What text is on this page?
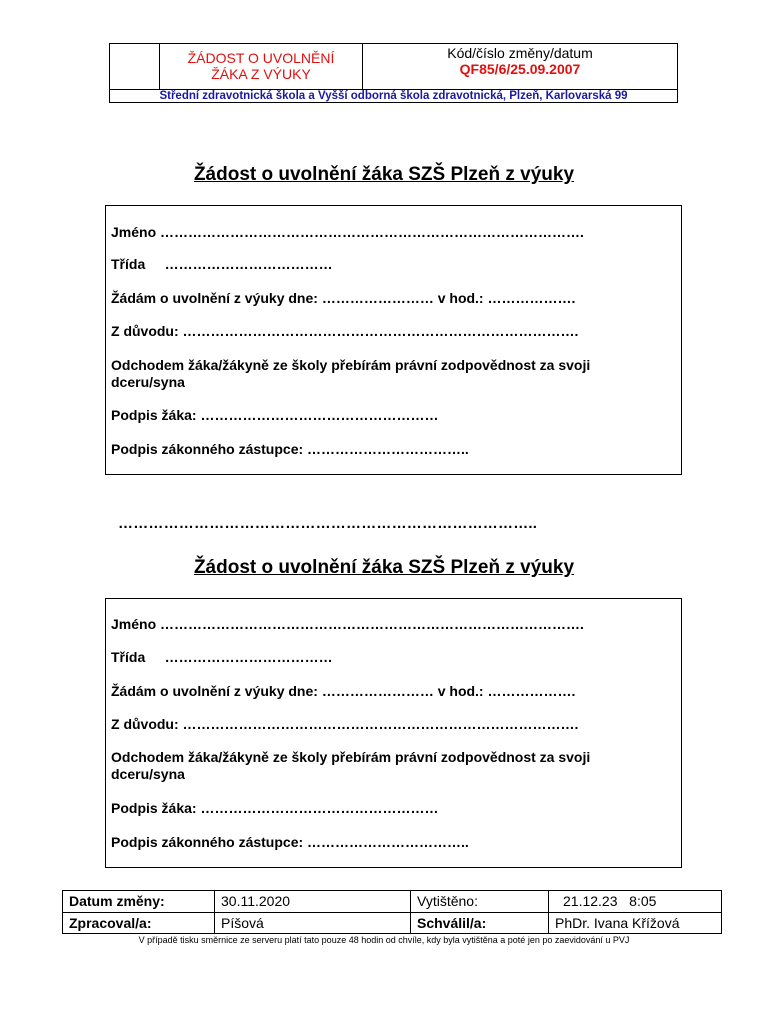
ŽÁDOST O UVOLNĚNÍ
ŽÁKA Z VÝUKY
Kód/číslo změny/datum
QF85/6/25.09.2007
Střední zdravotnická škola a Vyšší odborná škola zdravotnická, Plzeň, Karlovarská 99
Žádost o uvolnění žáka SZŠ Plzeň z výuky
Jméno ……………………………………………………………………………….
Třída     ………………………………
Žádám o uvolnění z výuky dne: …………………… v hod.: ……………….
Z důvodu: ………………………………………………………………………….
Odchodem žáka/žákyně ze školy přebírám právní zodpovědnost za svoji
dceru/syna
Podpis žáka: ……………………………………………
Podpis zákonného zástupce: ……………………………..
………………………………………………………………………..
Žádost o uvolnění žáka SZŠ Plzeň z výuky
Jméno ……………………………………………………………………………….
Třída     ………………………………
Žádám o uvolnění z výuky dne: …………………… v hod.: ……………….
Z důvodu: ………………………………………………………………………….
Odchodem žáka/žákyně ze školy přebírám právní zodpovědnost za svoji
dceru/syna
Podpis žáka: ……………………………………………
Podpis zákonného zástupce: ……………………………..
Datum změny:	30.11.2020	Vytištěno:	21.12.23   8:05
Zpracoval/a:	Píšová	Schválil/a:	PhDr. Ivana Křížová
V případě tisku směrnice ze serveru platí tato pouze 48 hodin od chvíle, kdy byla vytištěna a poté jen po zaevidování u PVJ
